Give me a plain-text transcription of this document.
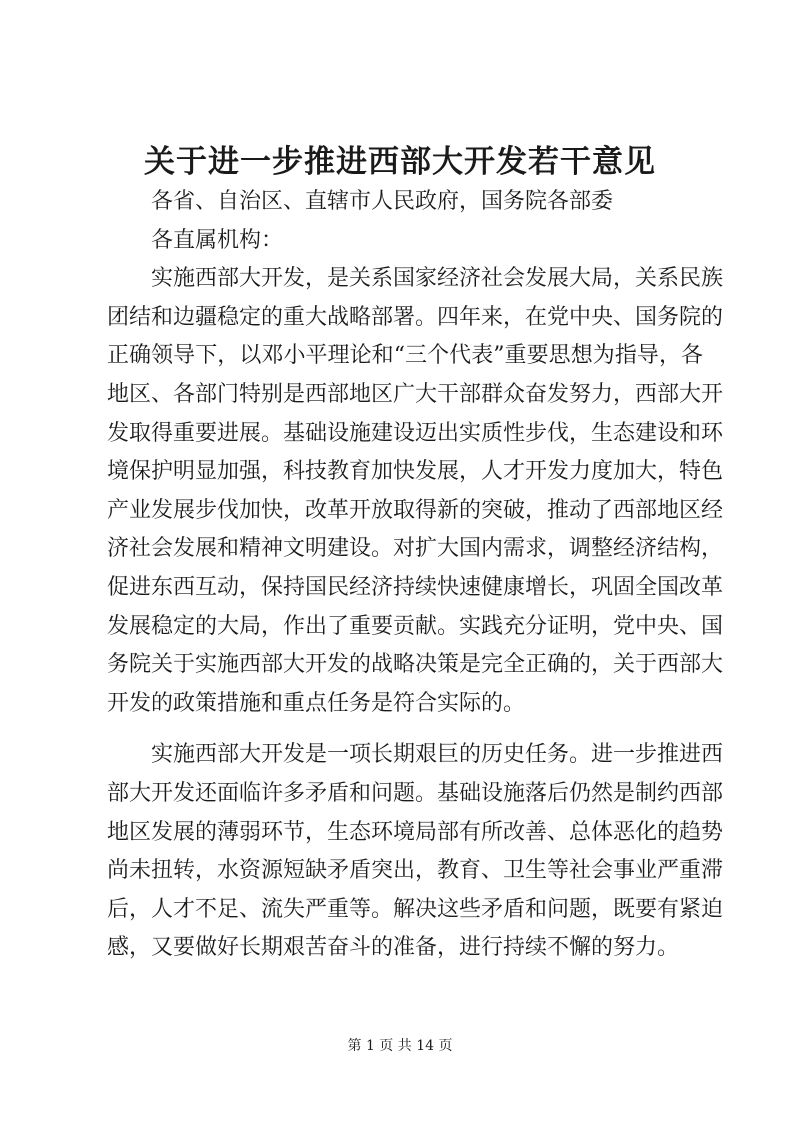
关于进一步推进西部大开发若干意见

各省、自治区、直辖市人民政府，国务院各部委

各直属机构：

实施西部大开发，是关系国家经济社会发展大局，关系民族

团结和边疆稳定的重大战略部署。四年来，在党中央、国务院的

正确领导下，以邓小平理论和“三个代表”重要思想为指导，各

地区、各部门特别是西部地区广大干部群众奋发努力，西部大开

发取得重要进展。基础设施建设迈出实质性步伐，生态建设和环

境保护明显加强，科技教育加快发展，人才开发力度加大，特色

产业发展步伐加快，改革开放取得新的突破，推动了西部地区经

济社会发展和精神文明建设。对扩大国内需求，调整经济结构，

促进东西互动，保持国民经济持续快速健康增长，巩固全国改革

发展稳定的大局，作出了重要贡献。实践充分证明，党中央、国

务院关于实施西部大开发的战略决策是完全正确的，关于西部大

开发的政策措施和重点任务是符合实际的。

实施西部大开发是一项长期艰巨的历史任务。进一步推进西

部大开发还面临许多矛盾和问题。基础设施落后仍然是制约西部

地区发展的薄弱环节，生态环境局部有所改善、总体恶化的趋势

尚未扭转，水资源短缺矛盾突出，教育、卫生等社会事业严重滞

后，人才不足、流失严重等。解决这些矛盾和问题，既要有紧迫

感，又要做好长期艰苦奋斗的准备，进行持续不懈的努力。

第 1 页 共 14 页
